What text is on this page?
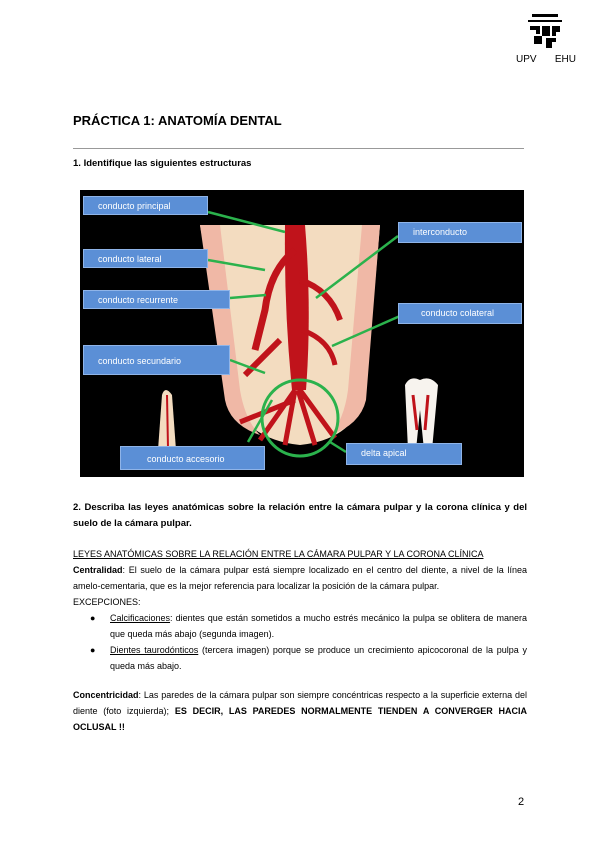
UPV EHU
PRÁCTICA 1: ANATOMÍA DENTAL
1. Identifique las siguientes estructuras
conducto principal
conducto lateral
conducto recurrente
conducto secundario
conducto accesorio
interconducto
conducto colateral
delta apical
2. Describa las leyes anatómicas sobre la relación entre la cámara pulpar y la corona clínica y del suelo de la cámara pulpar.
LEYES ANATÓMICAS SOBRE LA RELACIÓN ENTRE LA CÁMARA PULPAR Y LA CORONA CLÍNICA
Centralidad: El suelo de la cámara pulpar está siempre localizado en el centro del diente, a nivel de la línea amelo-cementaria, que es la mejor referencia para localizar la posición de la cámara pulpar.
EXCEPCIONES:
● Calcificaciones: dientes que están sometidos a mucho estrés mecánico la pulpa se oblitera de manera que queda más abajo (segunda imagen).
● Dientes taurodónticos (tercera imagen) porque se produce un crecimiento apicocoronal de la pulpa y queda más abajo.
Concentricidad: Las paredes de la cámara pulpar son siempre concéntricas respecto a la superficie externa del diente (foto izquierda); ES DECIR, LAS PAREDES NORMALMENTE TIENDEN A CONVERGER HACIA OCLUSAL !!
2
